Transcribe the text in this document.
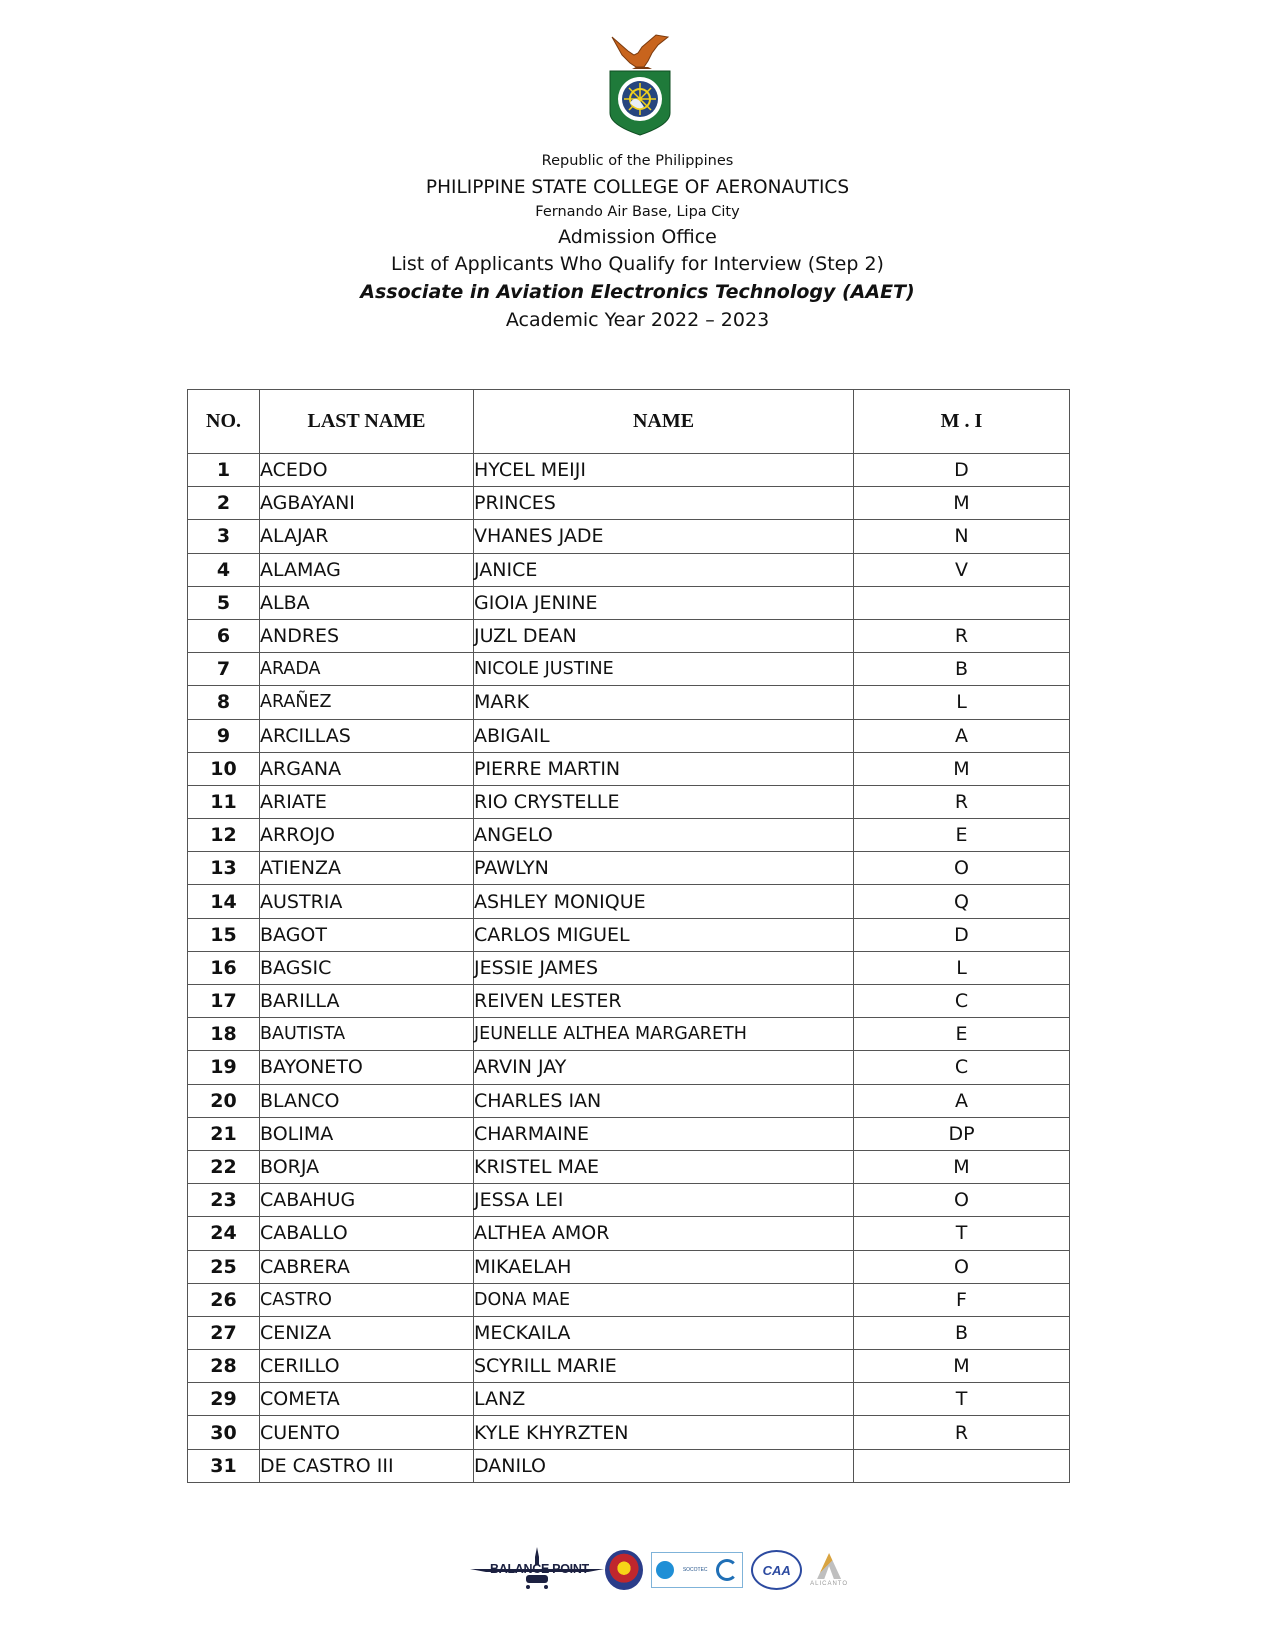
Republic of the Philippines
PHILIPPINE STATE COLLEGE OF AERONAUTICS
Fernando Air Base, Lipa City
Admission Office
List of Applicants Who Qualify for Interview (Step 2)
Associate in Aviation Electronics Technology (AAET)
Academic Year 2022 – 2023
NO.	LAST NAME	NAME	M . I
1	ACEDO	HYCEL MEIJI	D
2	AGBAYANI	PRINCES	M
3	ALAJAR	VHANES JADE	N
4	ALAMAG	JANICE	V
5	ALBA	GIOIA JENINE	
6	ANDRES	JUZL DEAN	R
7	ARADA	NICOLE JUSTINE	B
8	ARAÑEZ	MARK	L
9	ARCILLAS	ABIGAIL	A
10	ARGANA	PIERRE MARTIN	M
11	ARIATE	RIO CRYSTELLE	R
12	ARROJO	ANGELO	E
13	ATIENZA	PAWLYN	O
14	AUSTRIA	ASHLEY MONIQUE	Q
15	BAGOT	CARLOS MIGUEL	D
16	BAGSIC	JESSIE JAMES	L
17	BARILLA	REIVEN LESTER	C
18	BAUTISTA	JEUNELLE ALTHEA MARGARETH	E
19	BAYONETO	ARVIN JAY	C
20	BLANCO	CHARLES IAN	A
21	BOLIMA	CHARMAINE	DP
22	BORJA	KRISTEL MAE	M
23	CABAHUG	JESSA LEI	O
24	CABALLO	ALTHEA AMOR	T
25	CABRERA	MIKAELAH	O
26	CASTRO	DONA MAE	F
27	CENIZA	MECKAILA	B
28	CERILLO	SCYRILL MARIE	M
29	COMETA	LANZ	T
30	CUENTO	KYLE KHYRZTEN	R
31	DE CASTRO III	DANILO	
BALANCE POINT	SOCOTEC	CAA
ALICANTO
